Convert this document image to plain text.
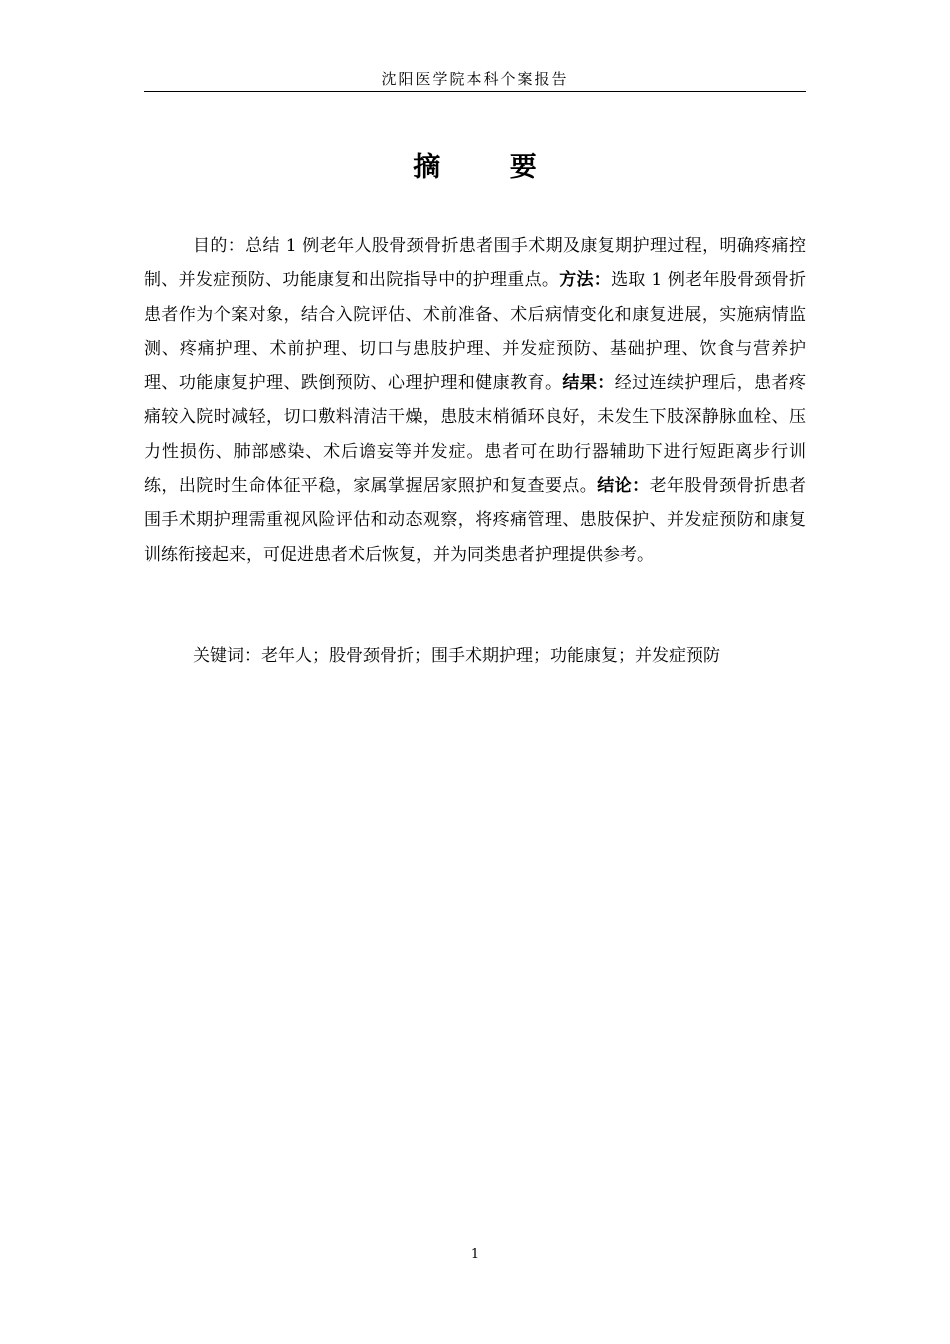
沈阳医学院本科个案报告
摘 要

目的：总结 1 例老年人股骨颈骨折患者围手术期及康复期护理过程，明确疼痛控制、并发症预防、功能康复和出院指导中的护理重点。方法：选取 1 例老年股骨颈骨折患者作为个案对象，结合入院评估、术前准备、术后病情变化和康复进展，实施病情监测、疼痛护理、术前护理、切口与患肢护理、并发症预防、基础护理、饮食与营养护理、功能康复护理、跌倒预防、心理护理和健康教育。结果：经过连续护理后，患者疼痛较入院时减轻，切口敷料清洁干燥，患肢末梢循环良好，未发生下肢深静脉血栓、压力性损伤、肺部感染、术后谵妄等并发症。患者可在助行器辅助下进行短距离步行训练，出院时生命体征平稳，家属掌握居家照护和复查要点。结论：老年股骨颈骨折患者围手术期护理需重视风险评估和动态观察，将疼痛管理、患肢保护、并发症预防和康复训练衔接起来，可促进患者术后恢复，并为同类患者护理提供参考。

关键词：老年人；股骨颈骨折；围手术期护理；功能康复；并发症预防

1
